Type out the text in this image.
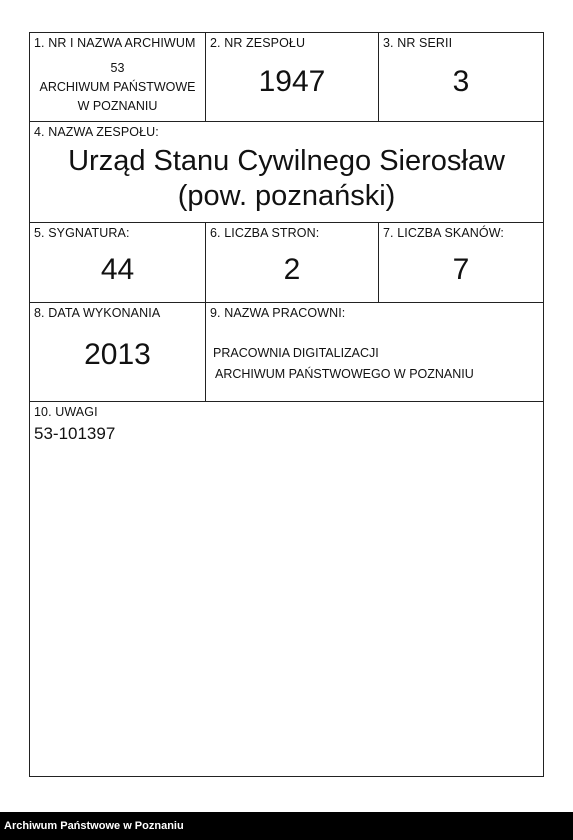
1. NR I NAZWA ARCHIWUM
53
ARCHIWUM PAŃSTWOWE
W POZNANIU
2. NR ZESPOŁU
1947
3. NR SERII
3
4. NAZWA ZESPOŁU:
Urząd Stanu Cywilnego Sierosław
(pow. poznański)
5. SYGNATURA:
44
6. LICZBA STRON:
2
7. LICZBA SKANÓW:
7
8. DATA WYKONANIA
2013
9. NAZWA PRACOWNI:
PRACOWNIA DIGITALIZACJI
ARCHIWUM PAŃSTWOWEGO W POZNANIU
10. UWAGI
53-101397
Archiwum Państwowe w Poznaniu
